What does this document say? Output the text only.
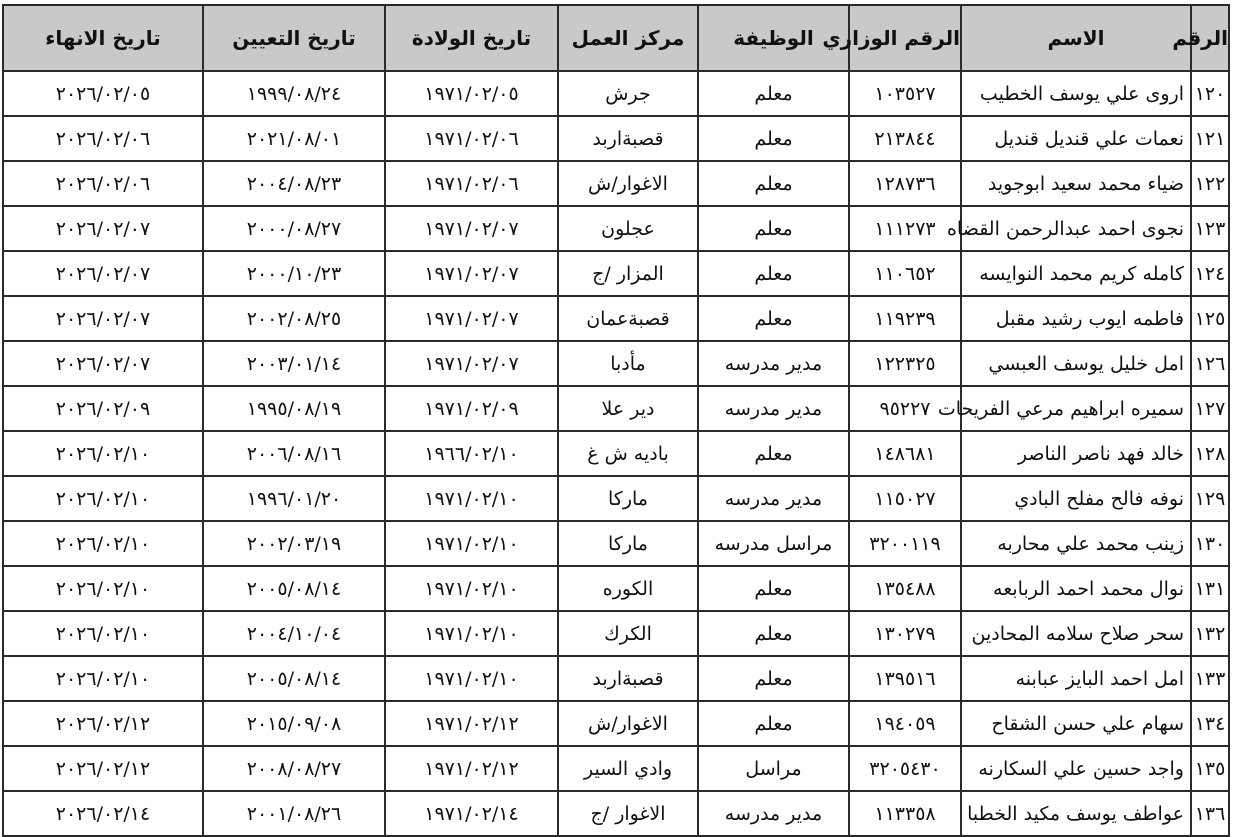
الرقم	الاسم	الرقم الوزاري	الوظيفة	مركز العمل	تاريخ الولادة	تاريخ التعيين	تاريخ الانهاء
١٢٠	اروى علي يوسف الخطيب	١٠٣٥٢٧	معلم	جرش	١٩٧١/٠٢/٠٥	١٩٩٩/٠٨/٢٤	٢٠٢٦/٠٢/٠٥
١٢١	نعمات علي قنديل قنديل	٢١٣٨٤٤	معلم	قصبةاربد	١٩٧١/٠٢/٠٦	٢٠٢١/٠٨/٠١	٢٠٢٦/٠٢/٠٦
١٢٢	ضياء محمد سعيد ابوجويد	١٢٨٧٣٦	معلم	الاغوار/ش	١٩٧١/٠٢/٠٦	٢٠٠٤/٠٨/٢٣	٢٠٢٦/٠٢/٠٦
١٢٣	نجوى احمد عبدالرحمن القضاه	١١١٢٧٣	معلم	عجلون	١٩٧١/٠٢/٠٧	٢٠٠٠/٠٨/٢٧	٢٠٢٦/٠٢/٠٧
١٢٤	كامله كريم محمد النوايسه	١١٠٦٥٢	معلم	المزار /ج	١٩٧١/٠٢/٠٧	٢٠٠٠/١٠/٢٣	٢٠٢٦/٠٢/٠٧
١٢٥	فاطمه ايوب رشيد مقبل	١١٩٢٣٩	معلم	قصبةعمان	١٩٧١/٠٢/٠٧	٢٠٠٢/٠٨/٢٥	٢٠٢٦/٠٢/٠٧
١٢٦	امل خليل يوسف العبسي	١٢٢٣٢٥	مدير مدرسه	مأدبا	١٩٧١/٠٢/٠٧	٢٠٠٣/٠١/١٤	٢٠٢٦/٠٢/٠٧
١٢٧	سميره ابراهيم مرعي الفريحات	٩٥٢٢٧	مدير مدرسه	دير علا	١٩٧١/٠٢/٠٩	١٩٩٥/٠٨/١٩	٢٠٢٦/٠٢/٠٩
١٢٨	خالد فهد ناصر الناصر	١٤٨٦٨١	معلم	باديه ش غ	١٩٦٦/٠٢/١٠	٢٠٠٦/٠٨/١٦	٢٠٢٦/٠٢/١٠
١٢٩	نوفه فالح مفلح البادي	١١٥٠٢٧	مدير مدرسه	ماركا	١٩٧١/٠٢/١٠	١٩٩٦/٠١/٢٠	٢٠٢٦/٠٢/١٠
١٣٠	زينب محمد علي محاربه	٣٢٠٠١١٩	مراسل مدرسه	ماركا	١٩٧١/٠٢/١٠	٢٠٠٢/٠٣/١٩	٢٠٢٦/٠٢/١٠
١٣١	نوال محمد احمد الربابعه	١٣٥٤٨٨	معلم	الكوره	١٩٧١/٠٢/١٠	٢٠٠٥/٠٨/١٤	٢٠٢٦/٠٢/١٠
١٣٢	سحر صلاح سلامه المحادين	١٣٠٢٧٩	معلم	الكرك	١٩٧١/٠٢/١٠	٢٠٠٤/١٠/٠٤	٢٠٢٦/٠٢/١٠
١٣٣	امل احمد البايز عبابنه	١٣٩٥١٦	معلم	قصبةاربد	١٩٧١/٠٢/١٠	٢٠٠٥/٠٨/١٤	٢٠٢٦/٠٢/١٠
١٣٤	سهام علي حسن الشقاح	١٩٤٠٥٩	معلم	الاغوار/ش	١٩٧١/٠٢/١٢	٢٠١٥/٠٩/٠٨	٢٠٢٦/٠٢/١٢
١٣٥	واجد حسين علي السكارنه	٣٢٠٥٤٣٠	مراسل	وادي السير	١٩٧١/٠٢/١٢	٢٠٠٨/٠٨/٢٧	٢٠٢٦/٠٢/١٢
١٣٦	عواطف يوسف مكيد الخطبا	١١٣٣٥٨	مدير مدرسه	الاغوار /ج	١٩٧١/٠٢/١٤	٢٠٠١/٠٨/٢٦	٢٠٢٦/٠٢/١٤
